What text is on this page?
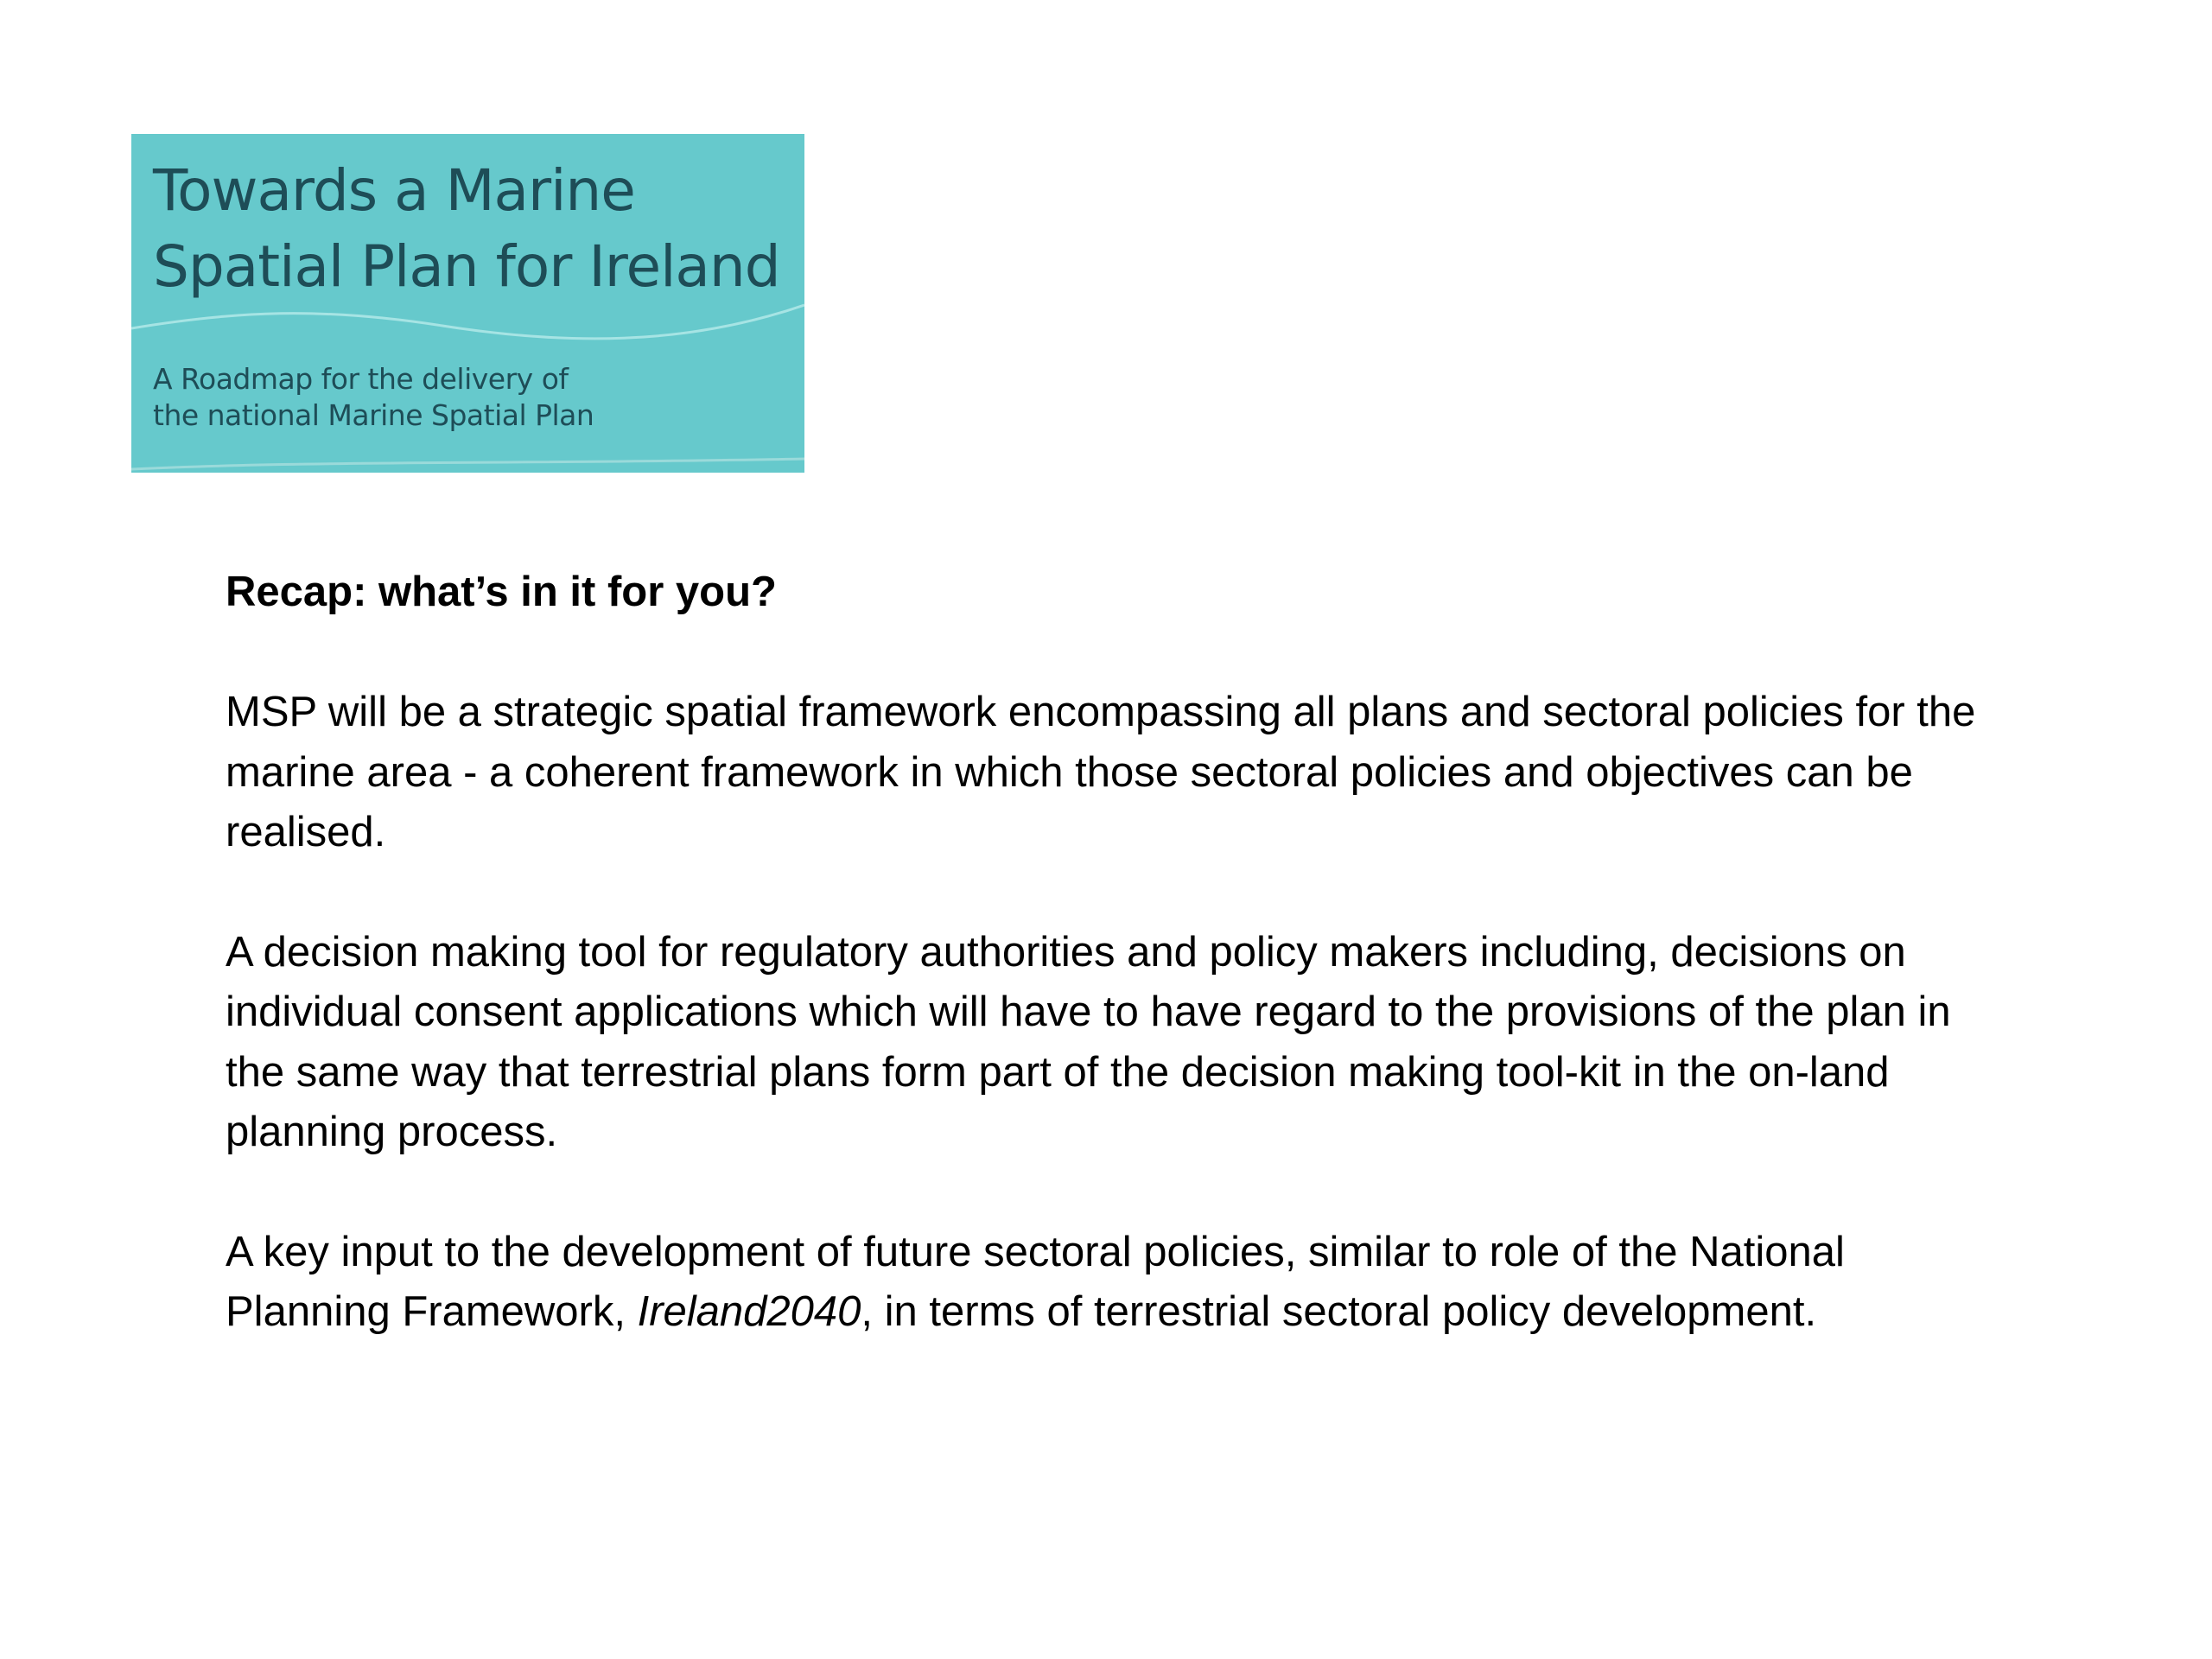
Towards a Marine
Spatial Plan for Ireland

A Roadmap for the delivery of
the national Marine Spatial Plan

Recap: what’s in it for you?

MSP will be a strategic spatial framework encompassing all plans and sectoral policies for the marine area - a coherent framework in which those sectoral policies and objectives can be realised.

A decision making tool for regulatory authorities and policy makers including, decisions on individual consent applications which will have to have regard to the provisions of the plan in the same way that terrestrial plans form part of the decision making tool-kit in the on-land planning process.

A key input to the development of future sectoral policies, similar to role of the National Planning Framework, Ireland2040, in terms of terrestrial sectoral policy development.
